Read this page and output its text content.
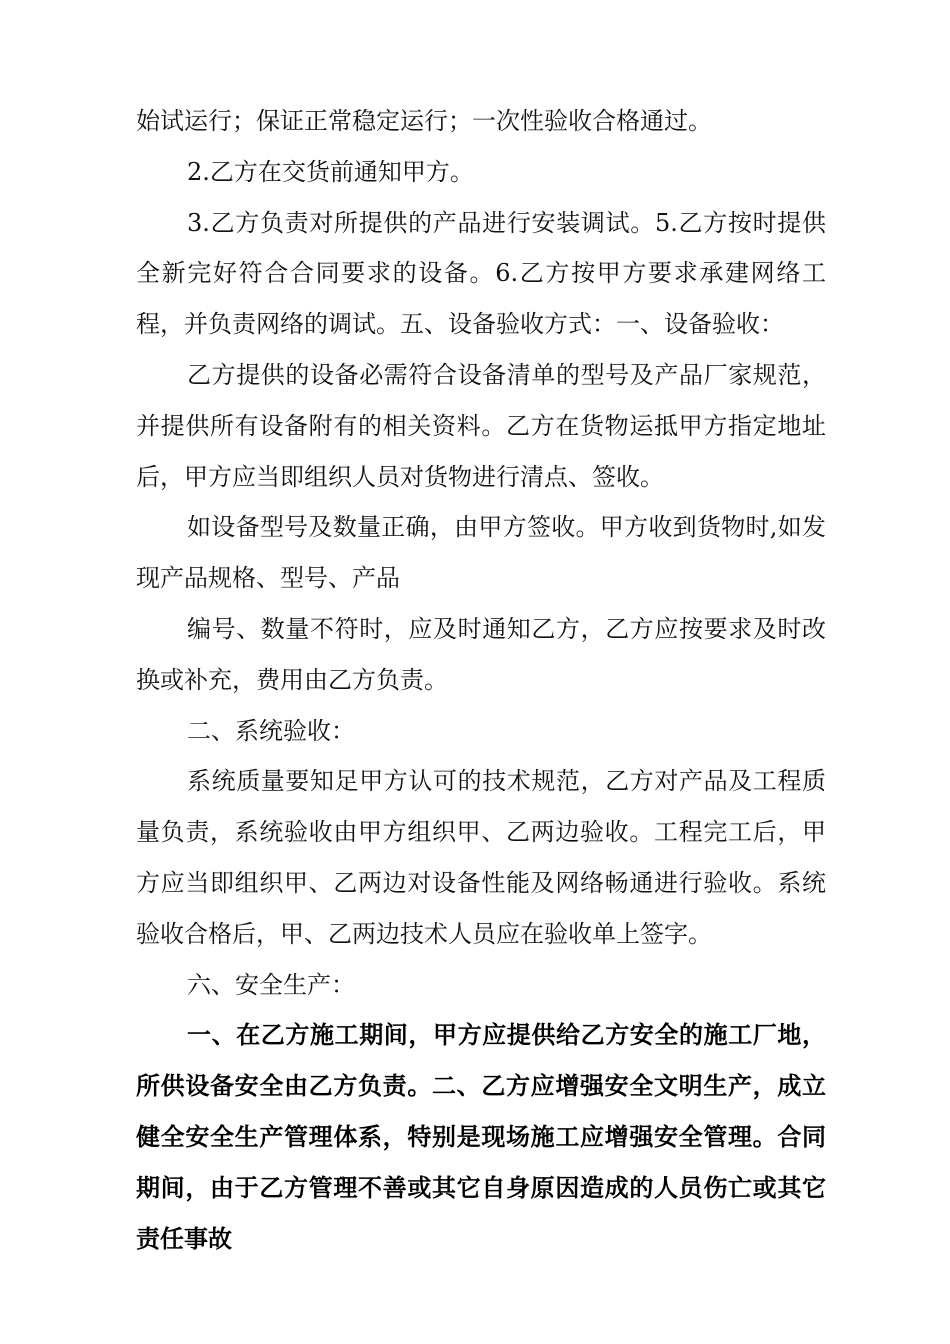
始试运行；保证正常稳定运行；一次性验收合格通过。

2.乙方在交货前通知甲方。

3.乙方负责对所提供的产品进行安装调试。5.乙方按时提供全新完好符合合同要求的设备。6.乙方按甲方要求承建网络工程，并负责网络的调试。五、设备验收方式：一、设备验收：

乙方提供的设备必需符合设备清单的型号及产品厂家规范，并提供所有设备附有的相关资料。乙方在货物运抵甲方指定地址后，甲方应当即组织人员对货物进行清点、签收。

如设备型号及数量正确，由甲方签收。甲方收到货物时,如发现产品规格、型号、产品

编号、数量不符时，应及时通知乙方，乙方应按要求及时改换或补充，费用由乙方负责。

二、系统验收：

系统质量要知足甲方认可的技术规范，乙方对产品及工程质量负责，系统验收由甲方组织甲、乙两边验收。工程完工后，甲方应当即组织甲、乙两边对设备性能及网络畅通进行验收。系统验收合格后，甲、乙两边技术人员应在验收单上签字。

六、安全生产：

一、在乙方施工期间，甲方应提供给乙方安全的施工厂地，所供设备安全由乙方负责。二、乙方应增强安全文明生产，成立健全安全生产管理体系，特别是现场施工应增强安全管理。合同期间，由于乙方管理不善或其它自身原因造成的人员伤亡或其它责任事故
